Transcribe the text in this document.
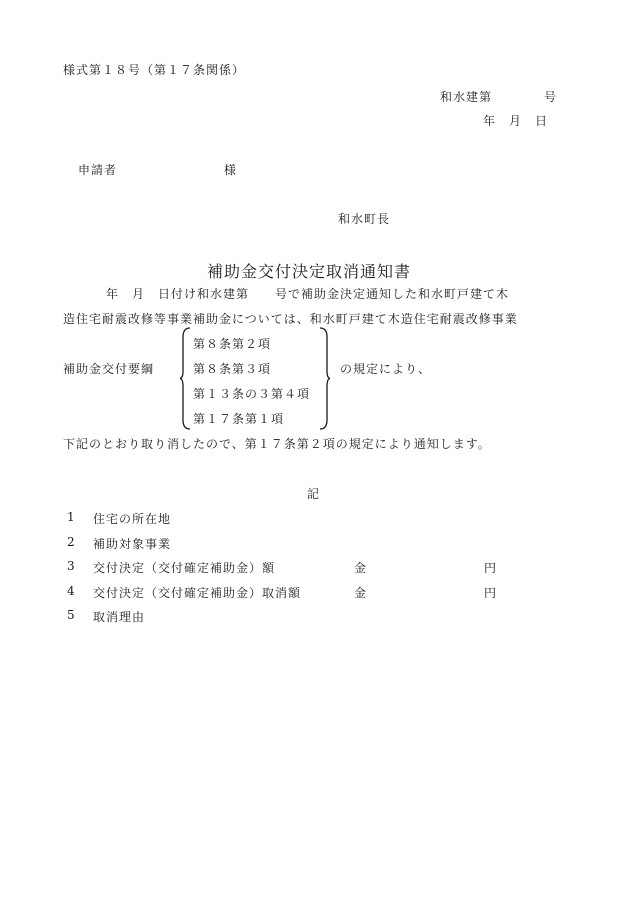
様式第１８号（第１７条関係）
和水建第　　　　号
年　月　日
申請者	様
和水町長
補助金交付決定取消通知書
年　月　日付け和水建第　　号で補助金決定通知した和水町戸建て木
造住宅耐震改修等事業補助金については、和水町戸建て木造住宅耐震改修事業
補助金交付要綱
第８条第２項
第８条第３項
第１３条の３第４項
第１７条第１項
の規定により、
下記のとおり取り消したので、第１７条第２項の規定により通知します。
記
1 住宅の所在地
2 補助対象事業
3 交付決定（交付確定補助金）額	金	円
4 交付決定（交付確定補助金）取消額	金	円
5 取消理由
